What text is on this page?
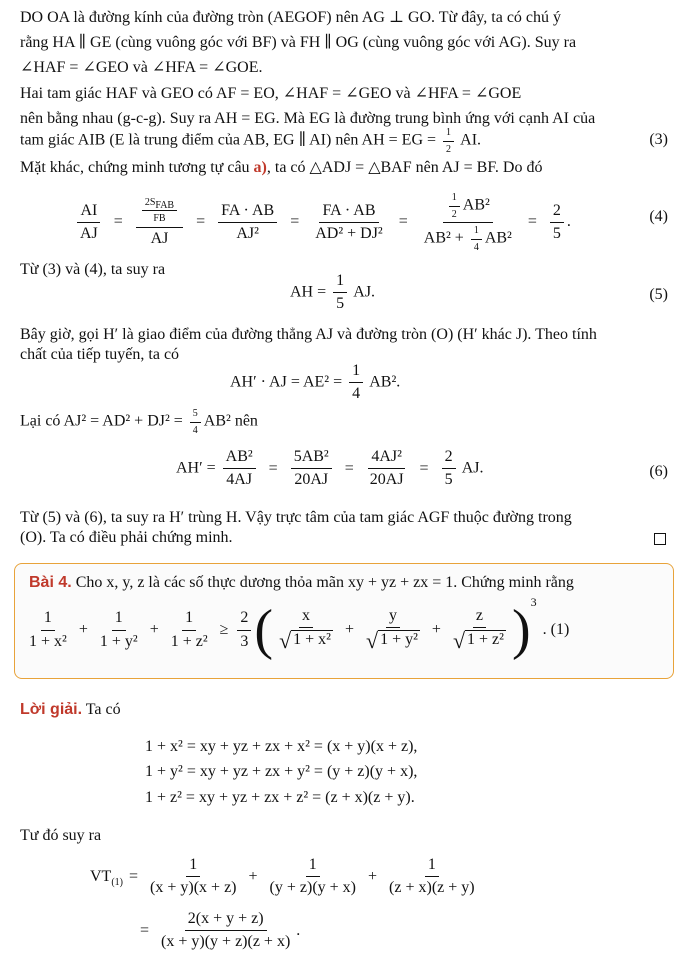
DO OA là đường kính của đường tròn (AEGOF) nên AG ⊥ GO. Từ đây, ta có chú ý
rằng HA ∥ GE (cùng vuông góc với BF) và FH ∥ OG (cùng vuông góc với AG). Suy ra
∠HAF = ∠GEO và ∠HFA = ∠GOE.
Hai tam giác HAF và GEO có AF = EO, ∠HAF = ∠GEO và ∠HFA = ∠GOE
nên bằng nhau (g-c-g). Suy ra AH = EG. Mà EG là đường trung bình ứng với cạnh AI của
tam giác AIB (E là trung điểm của AB, EG ∥ AI) nên AH = EG = $\frac{1}{2}$ AI.	(3)
Mặt khác, chứng minh tương tự câu a), ta có △ADJ = △BAF nên AJ = BF. Do đó
$\frac{AI}{AJ} = \frac{\frac{2S_{FAB}}{FB}}{AJ} = \frac{FA \cdot AB}{\text{AJ²}} = \frac{FA \cdot AB}{\text{AD² + DJ²}} = \frac{\frac{1}{2} AB^2}{AB^2 + \frac{1}{4} AB^2} = \frac{2}{5}$ .	(4)
Từ (3) và (4), ta suy ra
AH = $\frac{1}{5}$ AJ.	(5)
Bây giờ, gọi H′ là giao điểm của đường thẳng AJ và đường tròn (O) (H′ khác J). Theo tính
chất của tiếp tuyến, ta có
AH′ · AJ = $AE^2 = \frac{1}{4} AB^2$.
Lại có $AJ^2 = AD^2 + DJ^2 = \frac{5}{4} AB^2$ nên
$AH' = \frac{\text{AB²}}{4AJ} = \frac{\text{5AB²}}{20AJ} = \frac{\text{4AJ²}}{20AJ} = \frac{2}{5}$ AJ.	(6)
Từ (5) và (6), ta suy ra H′ trùng H. Vậy trực tâm của tam giác AGF thuộc đường trong
(O). Ta có điều phải chứng minh.
Bài 4. Cho x, y, z là các số thực dương thỏa mãn xy + yz + zx = 1. Chứng minh rằng
$\frac{1}{\text{1 + x²}} + \frac{1}{\text{1 + y²}} + \frac{1}{\text{1 + z²}} \ge \frac{2}{3}$ ( $\frac{x}{\text{√ 1 + x²}} + \frac{y}{\text{√ 1 + y²}} + \frac{z}{\text{√ 1 + z²}}$ ) 3
. (1)
Lời giải. Ta có
1 + x² = xy + yz + zx + x² = (x + y)(x + z),
1 + y² = xy + yz + zx + y² = (y + z)(y + x),
1 + z² = xy + yz + zx + z² = (z + x)(z + y).
Tư đó suy ra
$VT_{(1)} = \frac{1}{(x + y)(x + z)} + \frac{1}{(y + z)(y + x)} + \frac{1}{(z + x)(z + y)}$
= $\frac{2(x + y + z)}{(x + y)(y + z)(z + x)}$ .
